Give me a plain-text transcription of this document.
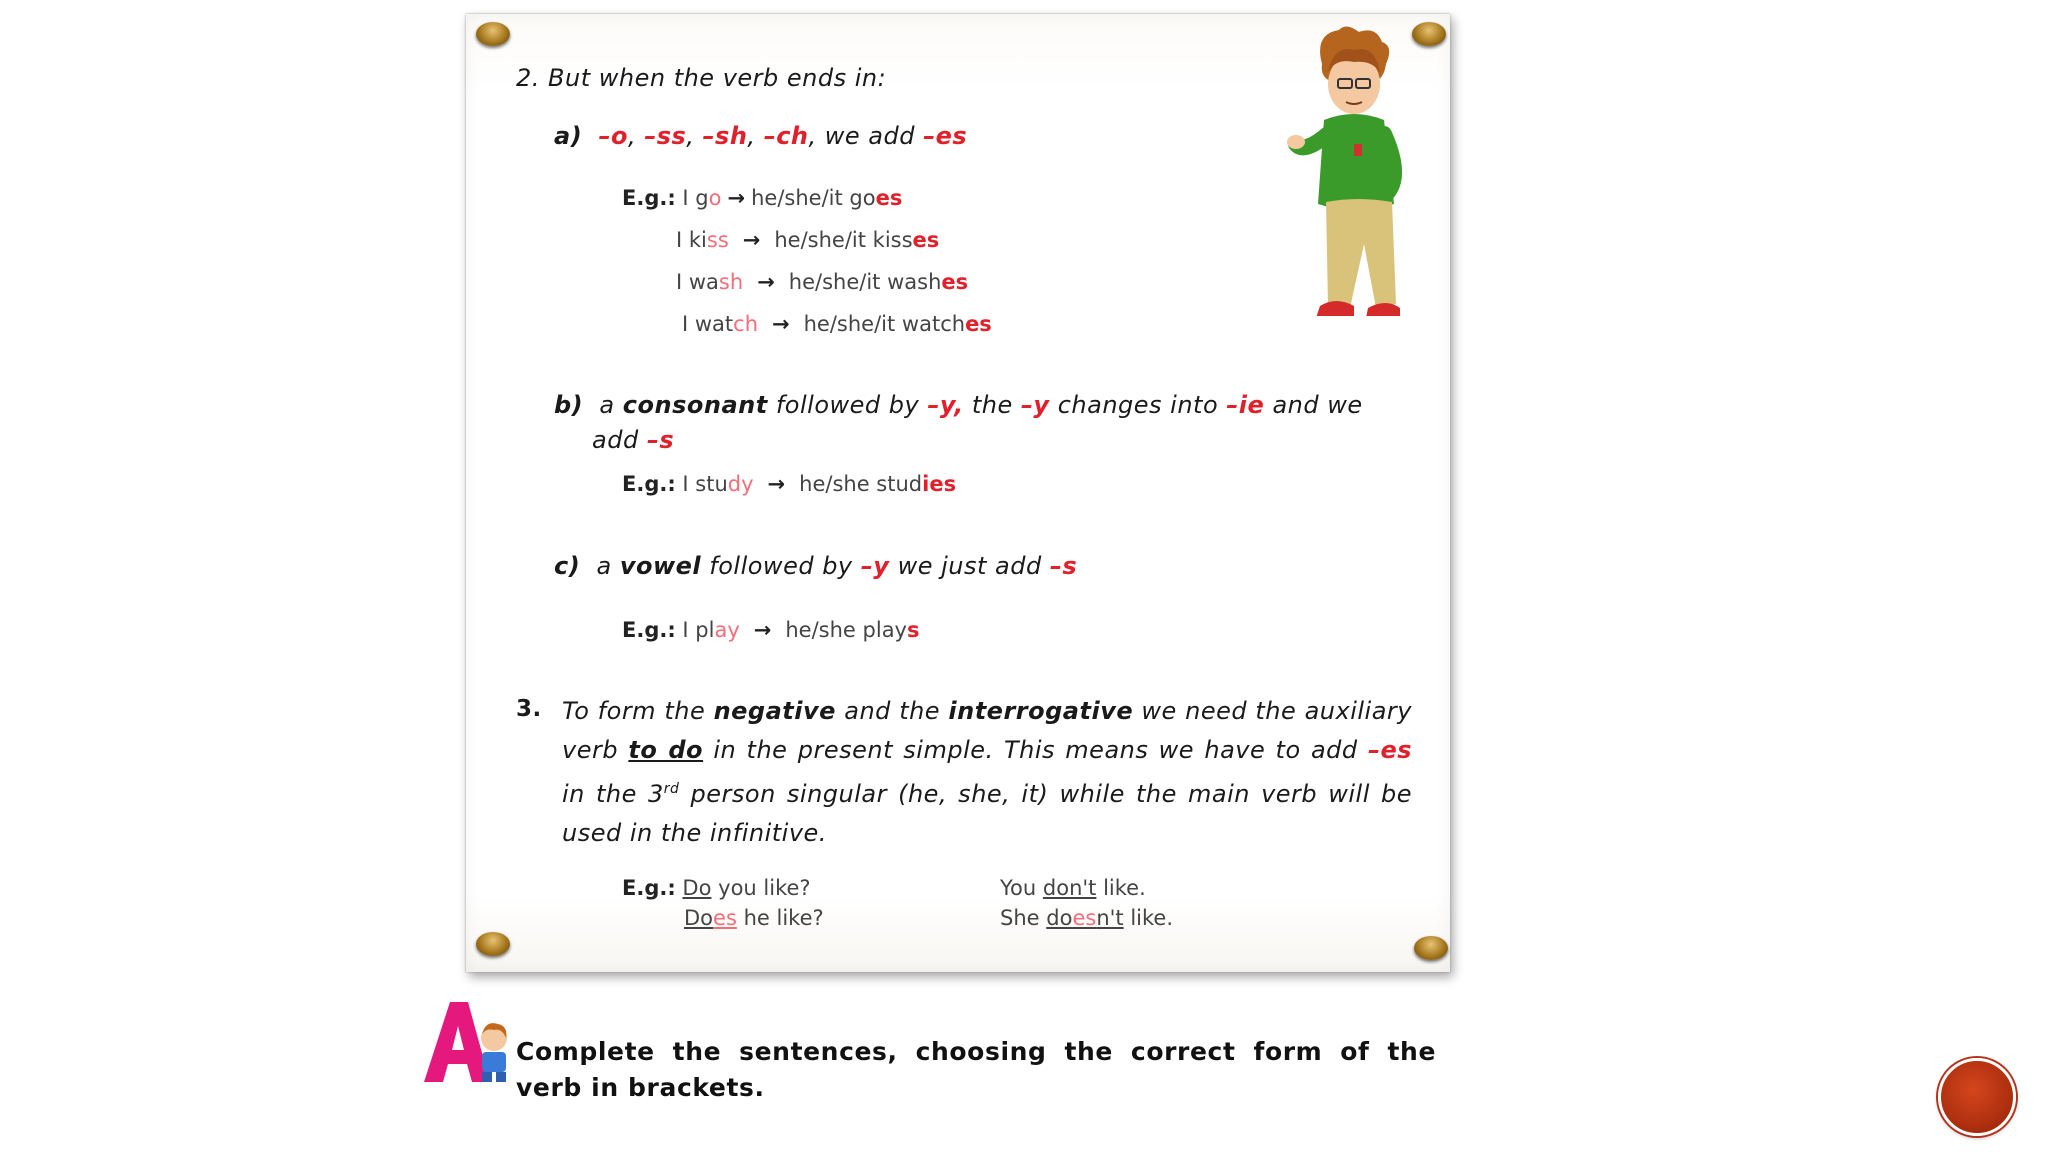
2. But when the verb ends in:
a) –o, –ss, –sh, –ch, we add –es
E.g.: I go → he/she/it goes
I kiss → he/she/it kisses
I wash → he/she/it washes
I watch → he/she/it watches
b) a consonant followed by –y, the –y changes into –ie and we
add –s
E.g.: I study → he/she studies
c) a vowel followed by –y we just add –s
E.g.: I play → he/she plays
3. To form the negative and the interrogative we need the auxiliary verb to do in the present simple. This means we have to add –es in the 3rd person singular (he, she, it) while the main verb will be used in the infinitive.
E.g.: Do you like?
Does he like?
You don't like.
She doesn't like.
Complete the sentences, choosing the correct form of the verb in brackets.
